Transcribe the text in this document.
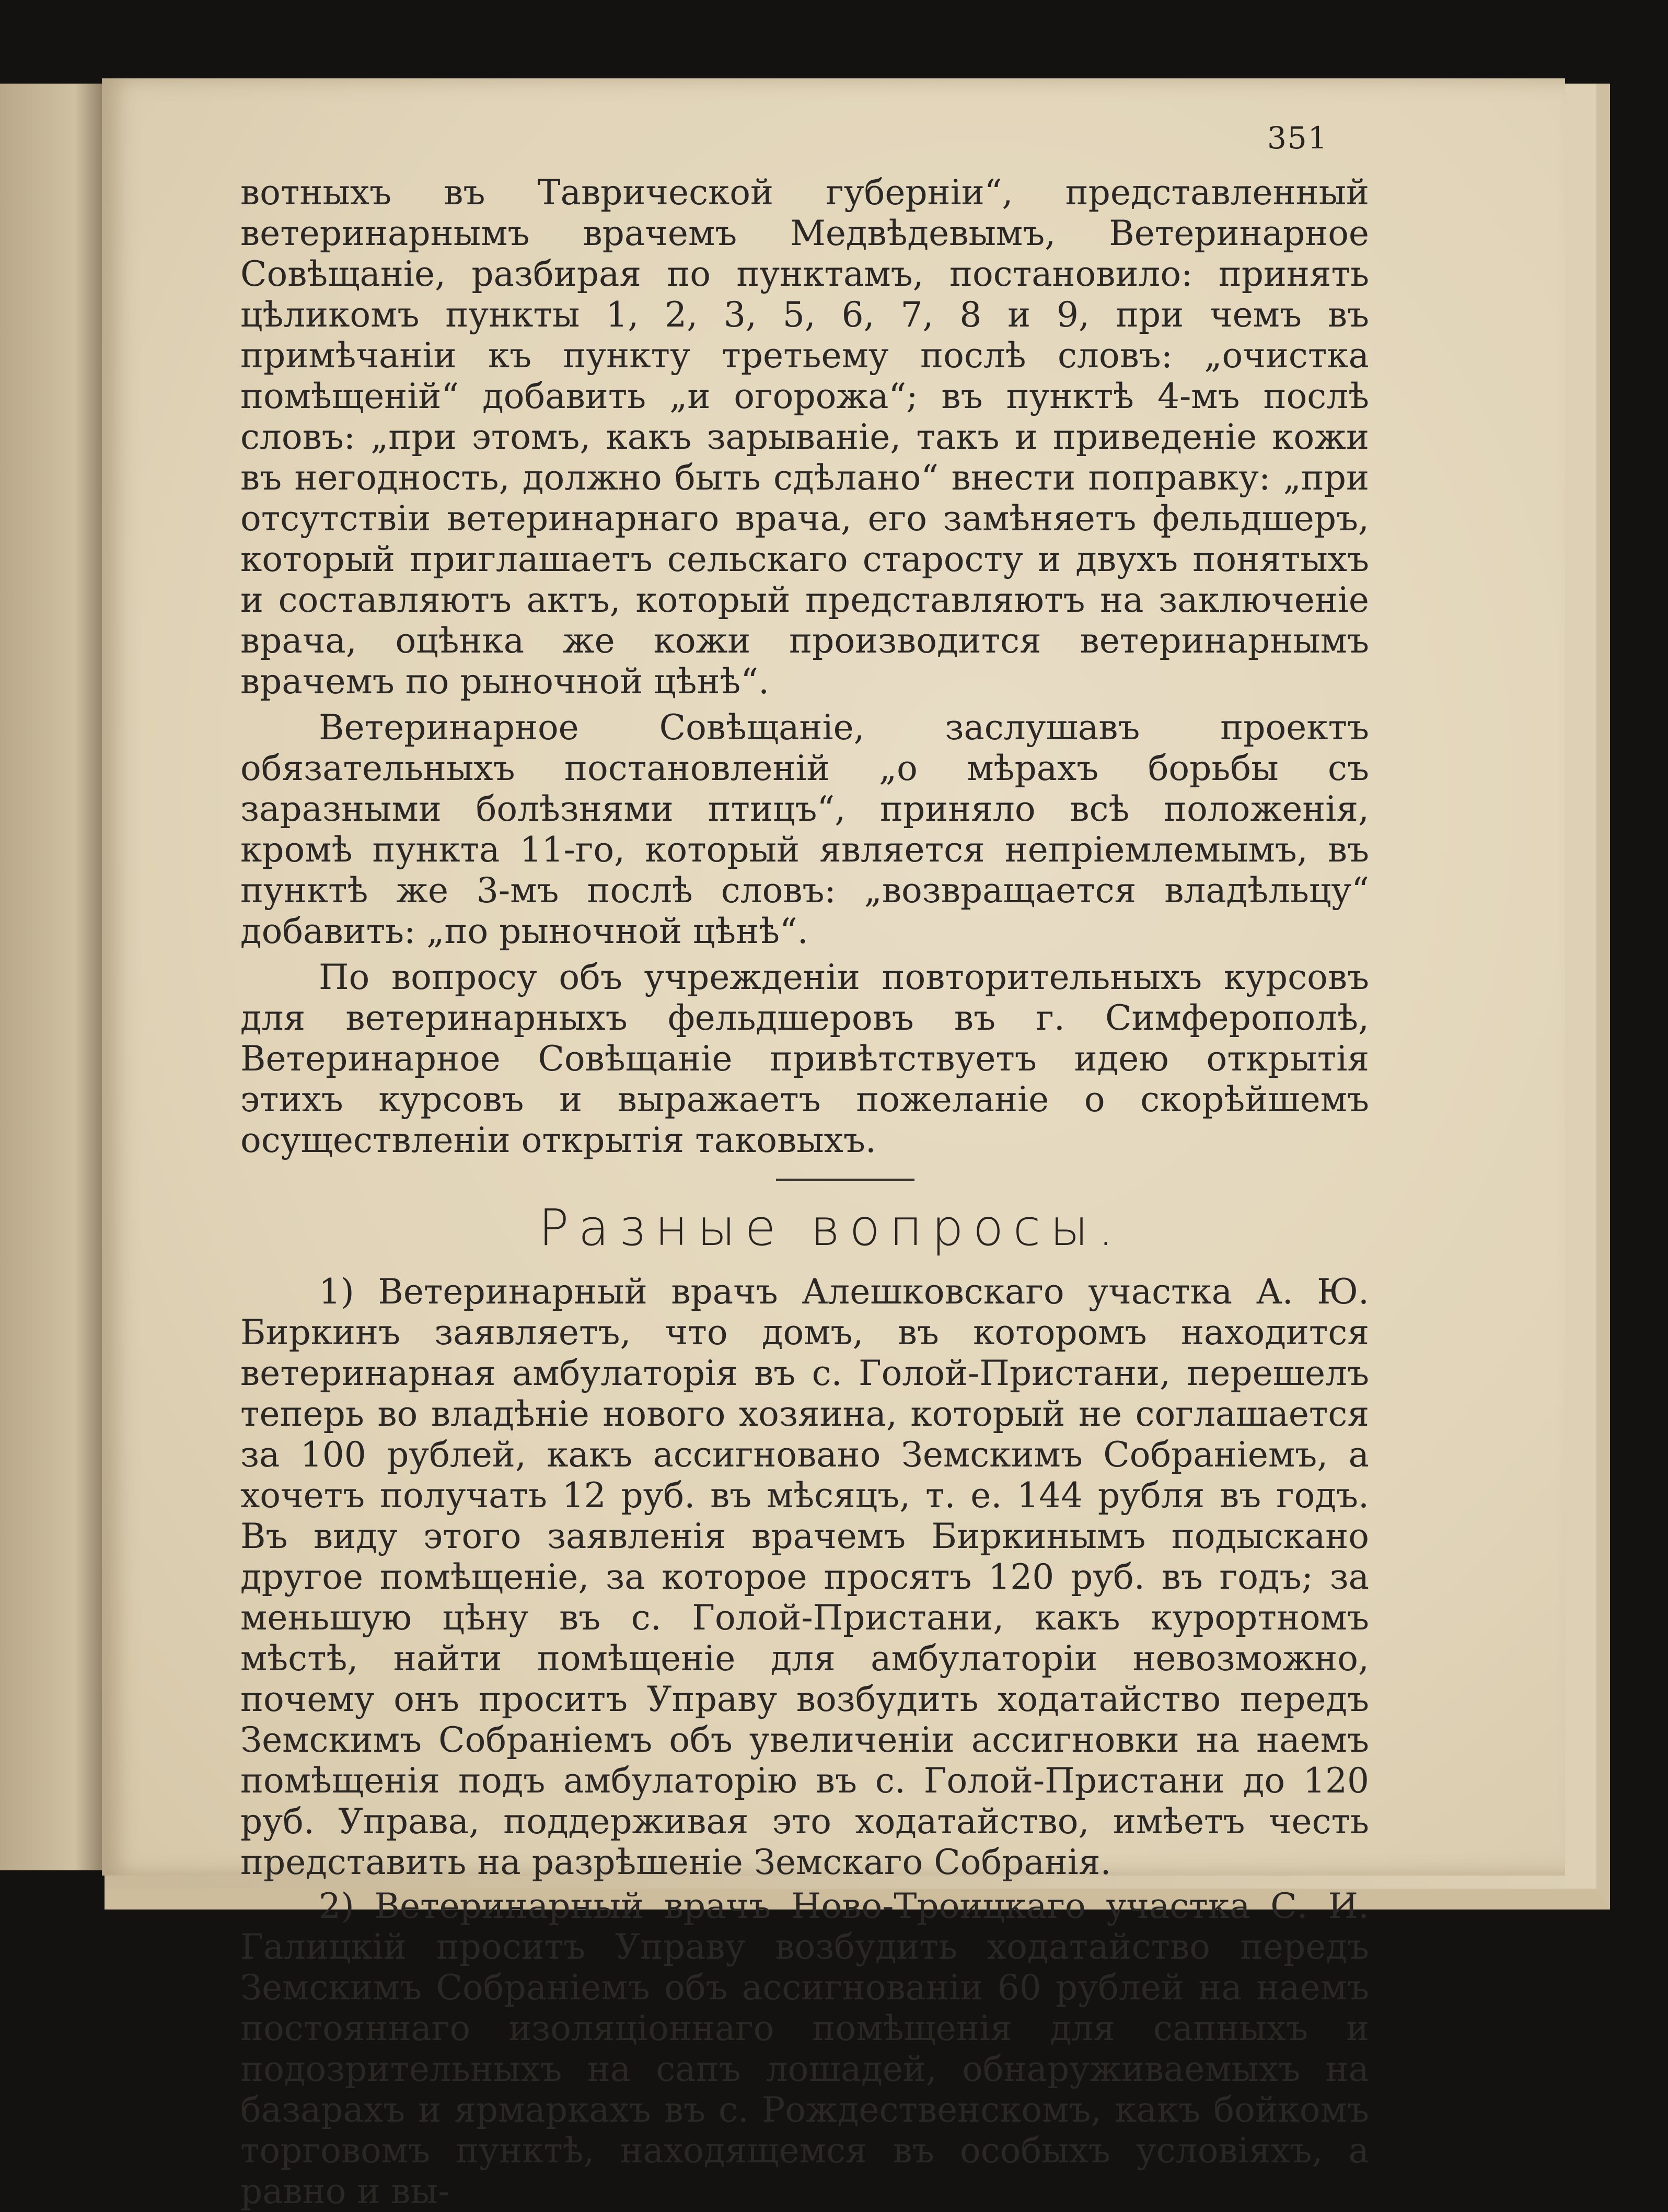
351

вотныхъ въ Таврической губерніи“, представленный ветеринарнымъ врачемъ Медвѣдевымъ, Ветеринарное Совѣщаніе, разбирая по пунктамъ, постановило: принять цѣликомъ пункты 1, 2, 3, 5, 6, 7, 8 и 9, при чемъ въ примѣчаніи къ пункту третьему послѣ словъ: „очистка помѣщеній“ добавить „и огорожа“; въ пунктѣ 4-мъ послѣ словъ: „при этомъ, какъ зарываніе, такъ и приведеніе кожи въ негодность, должно быть сдѣлано“ внести поправку: „при отсутствіи ветеринарнаго врача, его замѣняетъ фельдшеръ, который приглашаетъ сельскаго старосту и двухъ понятыхъ и составляютъ актъ, который представляютъ на заключеніе врача, оцѣнка же кожи производится ветеринарнымъ врачемъ по рыночной цѣнѣ“.

Ветеринарное Совѣщаніе, заслушавъ проектъ обязательныхъ постановленій „о мѣрахъ борьбы съ заразными болѣзнями птицъ“, приняло всѣ положенія, кромѣ пункта 11-го, который является непріемлемымъ, въ пунктѣ же 3-мъ послѣ словъ: „возвращается владѣльцу“ добавить: „по рыночной цѣнѣ“.

По вопросу объ учрежденіи повторительныхъ курсовъ для ветеринарныхъ фельдшеровъ въ г. Симферополѣ, Ветеринарное Совѣщаніе привѣтствуетъ идею открытія этихъ курсовъ и выражаетъ пожеланіе о скорѣйшемъ осуществленіи открытія таковыхъ.

Разные вопросы.

1) Ветеринарный врачъ Алешковскаго участка А. Ю. Биркинъ заявляетъ, что домъ, въ которомъ находится ветеринарная амбулаторія въ с. Голой-Пристани, перешелъ теперь во владѣніе нового хозяина, который не соглашается за 100 рублей, какъ ассигновано Земскимъ Собраніемъ, а хочетъ получать 12 руб. въ мѣсяцъ, т. е. 144 рубля въ годъ. Въ виду этого заявленія врачемъ Биркинымъ подыскано другое помѣщеніе, за которое просятъ 120 руб. въ годъ; за меньшую цѣну въ с. Голой-Пристани, какъ курортномъ мѣстѣ, найти помѣщеніе для амбулаторіи невозможно, почему онъ проситъ Управу возбудить ходатайство передъ Земскимъ Собраніемъ объ увеличеніи ассигновки на наемъ помѣщенія подъ амбулаторію въ с. Голой-Пристани до 120 руб. Управа, поддерживая это ходатайство, имѣетъ честь представить на разрѣшеніе Земскаго Собранія.

2) Ветеринарный врачъ Ново-Троицкаго участка С. И. Галицкій проситъ Управу возбудить ходатайство передъ Земскимъ Собраніемъ объ ассигнованіи 60 рублей на наемъ постояннаго изоляціоннаго помѣщенія для сапныхъ и подозрительныхъ на сапъ лошадей, обнаруживаемыхъ на базарахъ и ярмаркахъ въ с. Рождественскомъ, какъ бойкомъ торговомъ пунктѣ, находящемся въ особыхъ условіяхъ, а равно и вы-
